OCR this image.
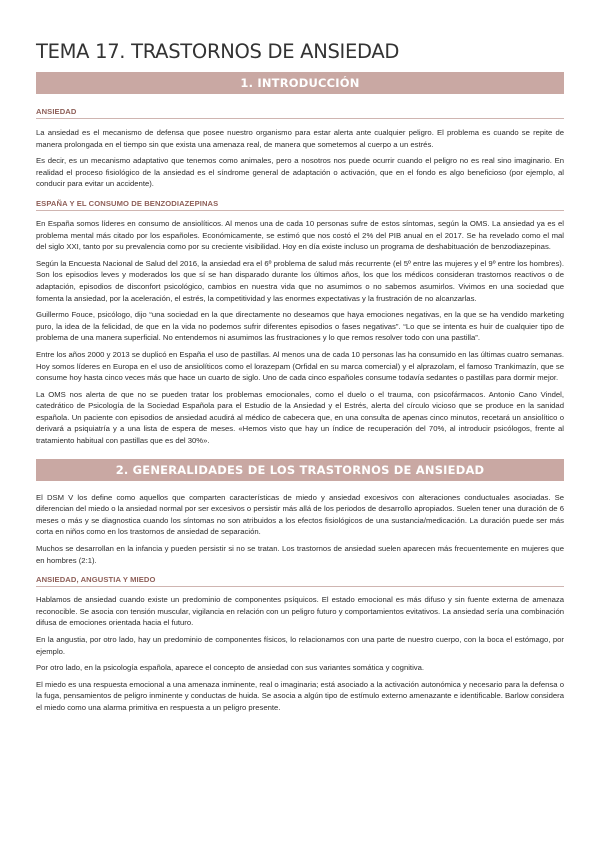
TEMA 17. TRASTORNOS DE ANSIEDAD
1. INTRODUCCIÓN
ANSIEDAD

La ansiedad es el mecanismo de defensa que posee nuestro organismo para estar alerta ante cualquier peligro. El problema es cuando se repite de manera prolongada en el tiempo sin que exista una amenaza real, de manera que sometemos al cuerpo a un estrés.

Es decir, es un mecanismo adaptativo que tenemos como animales, pero a nosotros nos puede ocurrir cuando el peligro no es real sino imaginario. En realidad el proceso fisiológico de la ansiedad es el síndrome general de adaptación o activación, que en el fondo es algo beneficioso (por ejemplo, al conducir para evitar un accidente).

ESPAÑA Y EL CONSUMO DE BENZODIAZEPINAS

En España somos líderes en consumo de ansiolíticos. Al menos una de cada 10 personas sufre de estos síntomas, según la OMS. La ansiedad ya es el problema mental más citado por los españoles. Económicamente, se estimó que nos costó el 2% del PIB anual en el 2017. Se ha revelado como el mal del siglo XXI, tanto por su prevalencia como por su creciente visibilidad. Hoy en día existe incluso un programa de deshabituación de benzodiazepinas.

Según la Encuesta Nacional de Salud del 2016, la ansiedad era el 6º problema de salud más recurrente (el 5º entre las mujeres y el 9º entre los hombres). Son los episodios leves y moderados los que sí se han disparado durante los últimos años, los que los médicos consideran trastornos reactivos o de adaptación, episodios de disconfort psicológico, cambios en nuestra vida que no asumimos o no sabemos asumirlos. Vivimos en una sociedad que fomenta la ansiedad, por la aceleración, el estrés, la competitividad y las enormes expectativas y la frustración de no alcanzarlas.

Guillermo Fouce, psicólogo, dijo “una sociedad en la que directamente no deseamos que haya emociones negativas, en la que se ha vendido marketing puro, la idea de la felicidad, de que en la vida no podemos sufrir diferentes episodios o fases negativas”. “Lo que se intenta es huir de cualquier tipo de problema de una manera superficial. No entendemos ni asumimos las frustraciones y lo que remos resolver todo con una pastilla”.

Entre los años 2000 y 2013 se duplicó en España el uso de pastillas. Al menos una de cada 10 personas las ha consumido en las últimas cuatro semanas. Hoy somos líderes en Europa en el uso de ansiolíticos como el lorazepam (Orfidal en su marca comercial) y el alprazolam, el famoso Trankimazín, que se consume hoy hasta cinco veces más que hace un cuarto de siglo. Uno de cada cinco españoles consume todavía sedantes o pastillas para dormir mejor.

La OMS nos alerta de que no se pueden tratar los problemas emocionales, como el duelo o el trauma, con psicofármacos. Antonio Cano Vindel, catedrático de Psicología de la Sociedad Española para el Estudio de la Ansiedad y el Estrés, alerta del círculo vicioso que se produce en la sanidad española. Un paciente con episodios de ansiedad acudirá al médico de cabecera que, en una consulta de apenas cinco minutos, recetará un ansiolítico o derivará a psiquiatría y a una lista de espera de meses. «Hemos visto que hay un índice de recuperación del 70%, al introducir psicólogos, frente al tratamiento habitual con pastillas que es del 30%».

2. GENERALIDADES DE LOS TRASTORNOS DE ANSIEDAD

El DSM V los define como aquellos que comparten características de miedo y ansiedad excesivos con alteraciones conductuales asociadas. Se diferencian del miedo o la ansiedad normal por ser excesivos o persistir más allá de los periodos de desarrollo apropiados. Suelen tener una duración de 6 meses o más y se diagnostica cuando los síntomas no son atribuidos a los efectos fisiológicos de una sustancia/medicación. La duración puede ser más corta en niños como en los trastornos de ansiedad de separación.

Muchos se desarrollan en la infancia y pueden persistir si no se tratan. Los trastornos de ansiedad suelen aparecen más frecuentemente en mujeres que en hombres (2:1).

ANSIEDAD, ANGUSTIA Y MIEDO

Hablamos de ansiedad cuando existe un predominio de componentes psíquicos. El estado emocional es más difuso y sin fuente externa de amenaza reconocible. Se asocia con tensión muscular, vigilancia en relación con un peligro futuro y comportamientos evitativos. La ansiedad sería una combinación difusa de emociones orientada hacia el futuro.

En la angustia, por otro lado, hay un predominio de componentes físicos, lo relacionamos con una parte de nuestro cuerpo, con la boca el estómago, por ejemplo.

Por otro lado, en la psicología española, aparece el concepto de ansiedad con sus variantes somática y cognitiva.

El miedo es una respuesta emocional a una amenaza inminente, real o imaginaria; está asociado a la activación autonómica y necesario para la defensa o la fuga, pensamientos de peligro inminente y conductas de huida. Se asocia a algún tipo de estímulo externo amenazante e identificable. Barlow considera el miedo como una alarma primitiva en respuesta a un peligro presente.
